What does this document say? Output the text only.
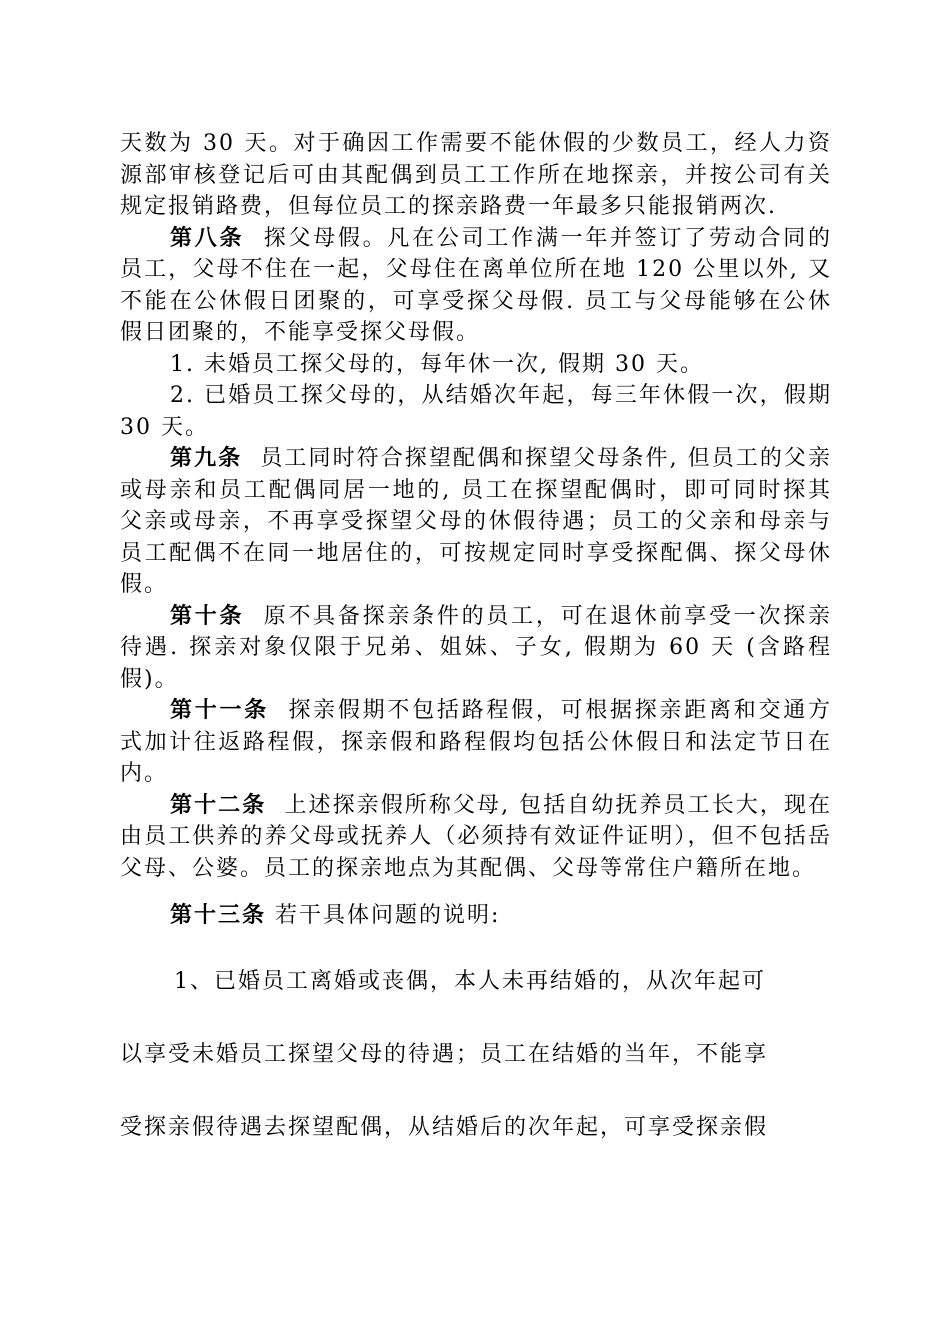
天数为 30 天。对于确因工作需要不能休假的少数员工，经人力资源部审核登记后可由其配偶到员工工作所在地探亲，并按公司有关规定报销路费，但每位员工的探亲路费一年最多只能报销两次.

第八条 探父母假。凡在公司工作满一年并签订了劳动合同的员工，父母不住在一起，父母住在离单位所在地 120 公里以外, 又不能在公休假日团聚的，可享受探父母假. 员工与父母能够在公休假日团聚的，不能享受探父母假。

1. 未婚员工探父母的，每年休一次, 假期 30 天。

2. 已婚员工探父母的，从结婚次年起，每三年休假一次，假期 30 天。

第九条 员工同时符合探望配偶和探望父母条件, 但员工的父亲或母亲和员工配偶同居一地的, 员工在探望配偶时，即可同时探其父亲或母亲，不再享受探望父母的休假待遇；员工的父亲和母亲与员工配偶不在同一地居住的，可按规定同时享受探配偶、探父母休假。

第十条 原不具备探亲条件的员工，可在退休前享受一次探亲待遇. 探亲对象仅限于兄弟、姐妹、子女, 假期为 60 天 (含路程假)。

第十一条 探亲假期不包括路程假，可根据探亲距离和交通方式加计往返路程假，探亲假和路程假均包括公休假日和法定节日在内。

第十二条 上述探亲假所称父母, 包括自幼抚养员工长大，现在由员工供养的养父母或抚养人（必须持有效证件证明），但不包括岳父母、公婆。员工的探亲地点为其配偶、父母等常住户籍所在地。

第十三条 若干具体问题的说明:

1、已婚员工离婚或丧偶，本人未再结婚的，从次年起可
以享受未婚员工探望父母的待遇；员工在结婚的当年，不能享
受探亲假待遇去探望配偶，从结婚后的次年起，可享受探亲假
